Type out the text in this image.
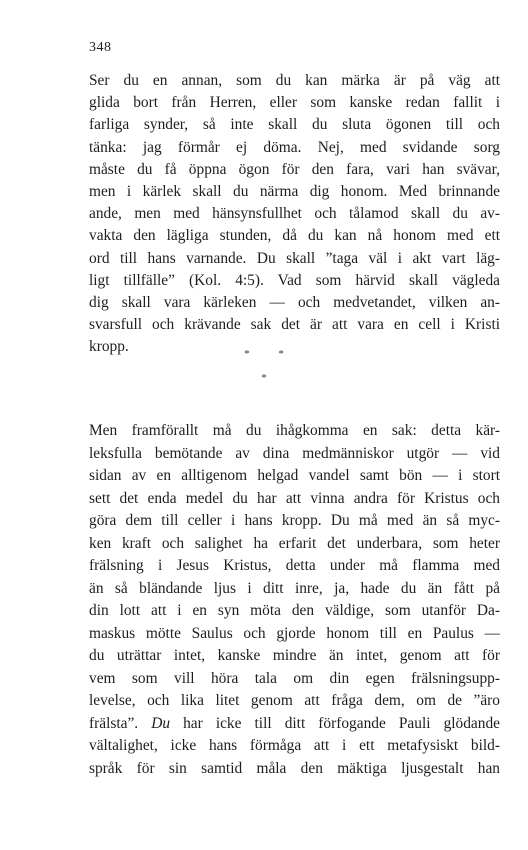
348
Ser du en annan, som du kan märka är på väg att
glida bort från Herren, eller som kanske redan fallit i
farliga synder, så inte skall du sluta ögonen till och
tänka: jag förmår ej döma. Nej, med svidande sorg
måste du få öppna ögon för den fara, vari han svävar,
men i kärlek skall du närma dig honom. Med brinnande
ande, men med hänsynsfullhet och tålamod skall du av-
vakta den lägliga stunden, då du kan nå honom med ett
ord till hans varnande. Du skall ”taga väl i akt vart läg-
ligt tillfälle” (Kol. 4:5). Vad som härvid skall vägleda
dig skall vara kärleken — och medvetandet, vilken an-
svarsfull och krävande sak det är att vara en cell i Kristi
kropp.	*	*
*
Men framförallt må du ihågkomma en sak: detta kär-
leksfulla bemötande av dina medmänniskor utgör — vid
sidan av en alltigenom helgad vandel samt bön — i stort
sett det enda medel du har att vinna andra för Kristus och
göra dem till celler i hans kropp. Du må med än så myc-
ken kraft och salighet ha erfarit det underbara, som heter
frälsning i Jesus Kristus, detta under må flamma med
än så bländande ljus i ditt inre, ja, hade du än fått på
din lott att i en syn möta den väldige, som utanför Da-
maskus mötte Saulus och gjorde honom till en Paulus —
du uträttar intet, kanske mindre än intet, genom att för
vem som vill höra tala om din egen frälsningsupp-
levelse, och lika litet genom att fråga dem, om de ”äro
frälsta”. Du har icke till ditt förfogande Pauli glödande
vältalighet, icke hans förmåga att i ett metafysiskt bild-
språk för sin samtid måla den mäktiga ljusgestalt han
